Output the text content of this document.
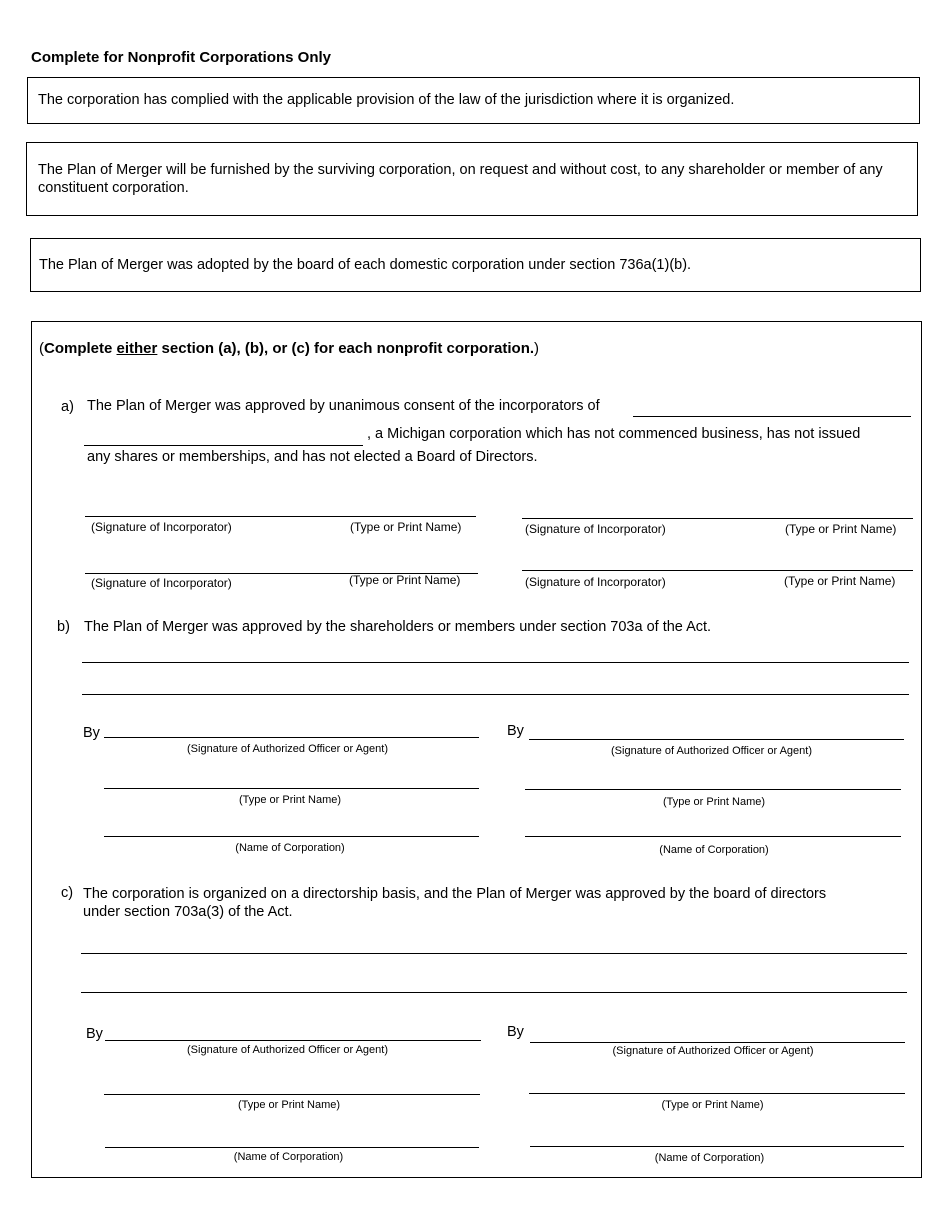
Complete for Nonprofit Corporations Only
The corporation has complied with the applicable provision of the law of the jurisdiction where it is organized.
The Plan of Merger will be furnished by the surviving corporation, on request and without cost, to any shareholder or member of any constituent corporation.
The Plan of Merger was adopted by the board of each domestic corporation under section 736a(1)(b).
(Complete either section (a), (b), or (c) for each nonprofit corporation.)
a) The Plan of Merger was approved by unanimous consent of the incorporators of
, a Michigan corporation which has not commenced business, has not issued
any shares or memberships, and has not elected a Board of Directors.
(Signature of Incorporator)	(Type or Print Name)	(Signature of Incorporator)	(Type or Print Name)
(Signature of Incorporator)	(Type or Print Name)	(Signature of Incorporator)	(Type or Print Name)
b) The Plan of Merger was approved by the shareholders or members under section 703a of the Act.
By
(Signature of Authorized Officer or Agent)
(Type or Print Name)
(Name of Corporation)
By
(Signature of Authorized Officer or Agent)
(Type or Print Name)
(Name of Corporation)
c) The corporation is organized on a directorship basis, and the Plan of Merger was approved by the board of directors
under section 703a(3) of the Act.
By
(Signature of Authorized Officer or Agent)
(Type or Print Name)
(Name of Corporation)
By
(Signature of Authorized Officer or Agent)
(Type or Print Name)
(Name of Corporation)
